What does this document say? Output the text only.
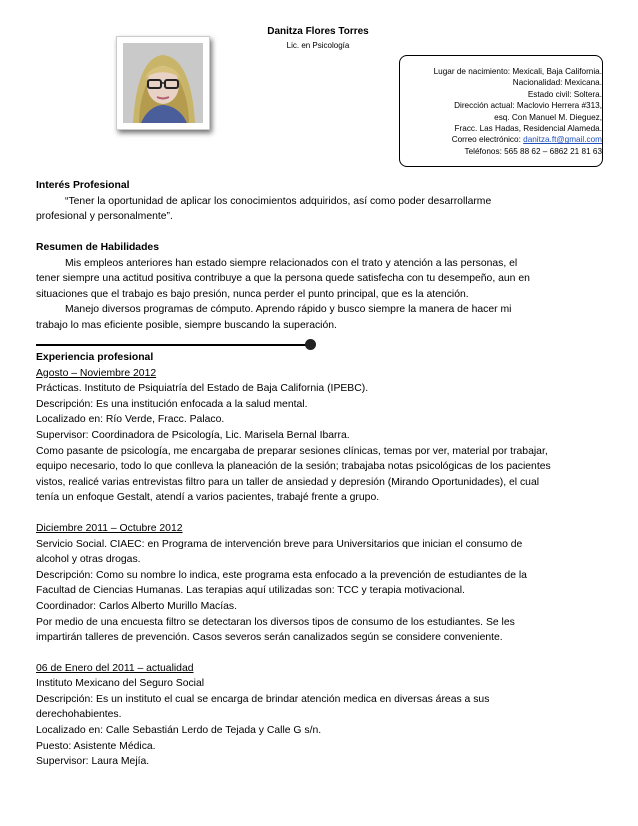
Danitza Flores Torres
Lic. en Psicología
Lugar de nacimiento: Mexicali, Baja California.
Nacionalidad: Mexicana.
Estado civil: Soltera.
Dirección actual: Maclovio Herrera #313,
esq. Con Manuel M. Dieguez,
Fracc. Las Hadas, Residencial Alameda.
Correo electrónico: danitza.ft@gmail.com
Teléfonos: 565 88 62 – 6862 21 81 63
Interés Profesional
“Tener la oportunidad de aplicar los conocimientos adquiridos, así como poder desarrollarme
profesional y personalmente”.
Resumen de Habilidades
Mis empleos anteriores han estado siempre relacionados con el trato y atención a las personas, el
tener siempre una actitud positiva contribuye a que la persona quede satisfecha con tu desempeño, aun en
situaciones que el trabajo es bajo presión, nunca perder el punto principal, que es la atención.
Manejo diversos programas de cómputo. Aprendo rápido y busco siempre la manera de hacer mi
trabajo lo mas eficiente posible, siempre buscando la superación.
Experiencia profesional
Agosto – Noviembre 2012
Prácticas. Instituto de Psiquiatría del Estado de Baja California (IPEBC).
Descripción: Es una institución enfocada a la salud mental.
Localizado en: Río Verde, Fracc. Palaco.
Supervisor: Coordinadora de Psicología, Lic. Marisela Bernal Ibarra.
Como pasante de psicología, me encargaba de preparar sesiones clínicas, temas por ver, material por trabajar,
equipo necesario, todo lo que conlleva la planeación de la sesión; trabajaba notas psicológicas de los pacientes
vistos, realicé varias entrevistas filtro para un taller de ansiedad y depresión (Mirando Oportunidades), el cual
tenía un enfoque Gestalt, atendí a varios pacientes, trabajé frente a grupo.
Diciembre 2011 – Octubre 2012
Servicio Social. CIAEC: en Programa de intervención breve para Universitarios que inician el consumo de
alcohol y otras drogas.
Descripción: Como su nombre lo indica, este programa esta enfocado a la prevención de estudiantes de la
Facultad de Ciencias Humanas. Las terapias aquí utilizadas son: TCC y terapia motivacional.
Coordinador: Carlos Alberto Murillo Macías.
Por medio de una encuesta filtro se detectaran los diversos tipos de consumo de los estudiantes. Se les
impartirán talleres de prevención. Casos severos serán canalizados según se considere conveniente.
06 de Enero del 2011 – actualidad
Instituto Mexicano del Seguro Social
Descripción: Es un instituto el cual se encarga de brindar atención medica en diversas áreas a sus
derechohabientes.
Localizado en: Calle Sebastián Lerdo de Tejada y Calle G s/n.
Puesto: Asistente Médica.
Supervisor: Laura Mejía.
